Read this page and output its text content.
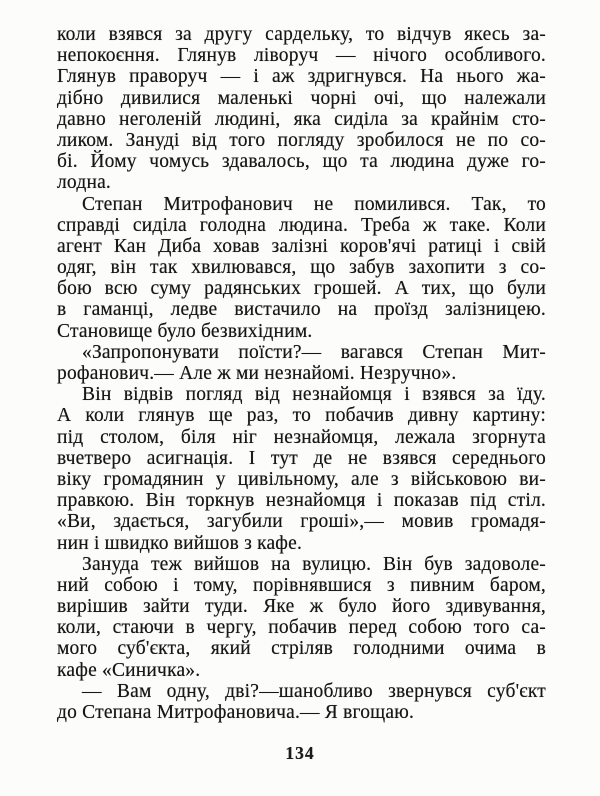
коли взявся за другу сардельку, то відчув якесь за-
непокоєння. Глянув ліворуч — нічого особливого.
Глянув праворуч — і аж здригнувся. На нього жа-
дібно дивилися маленькі чорні очі, що належали
давно неголеній людині, яка сиділа за крайнім сто-
ликом. Зануді від того погляду зробилося не по со-
бі. Йому чомусь здавалось, що та людина дуже го-
лодна.
Степан Митрофанович не помилився. Так, то
справді сиділа голодна людина. Треба ж таке. Коли
агент Кан Диба ховав залізні коров'ячі ратиці і свій
одяг, він так хвилювався, що забув захопити з со-
бою всю суму радянських грошей. А тих, що були
в гаманці, ледве вистачило на проїзд залізницею.
Становище було безвихідним.
«Запропонувати поїсти?— вагався Степан Мит-
рофанович.— Але ж ми незнайомі. Незручно».
Він відвів погляд від незнайомця і взявся за їду.
А коли глянув ще раз, то побачив дивну картину:
під столом, біля ніг незнайомця, лежала згорнута
вчетверо асигнація. І тут де не взявся середнього
віку громадянин у цивільному, але з військовою ви-
правкою. Він торкнув незнайомця і показав під стіл.
«Ви, здається, загубили гроші»,— мовив громадя-
нин і швидко вийшов з кафе.
Зануда теж вийшов на вулицю. Він був задоволе-
ний собою і тому, порівнявшися з пивним баром,
вирішив зайти туди. Яке ж було його здивування,
коли, стаючи в чергу, побачив перед собою того са-
мого суб'єкта, який стріляв голодними очима в
кафе «Синичка».
— Вам одну, дві?—шанобливо звернувся суб'єкт
до Степана Митрофановича.— Я вгощаю.
134
